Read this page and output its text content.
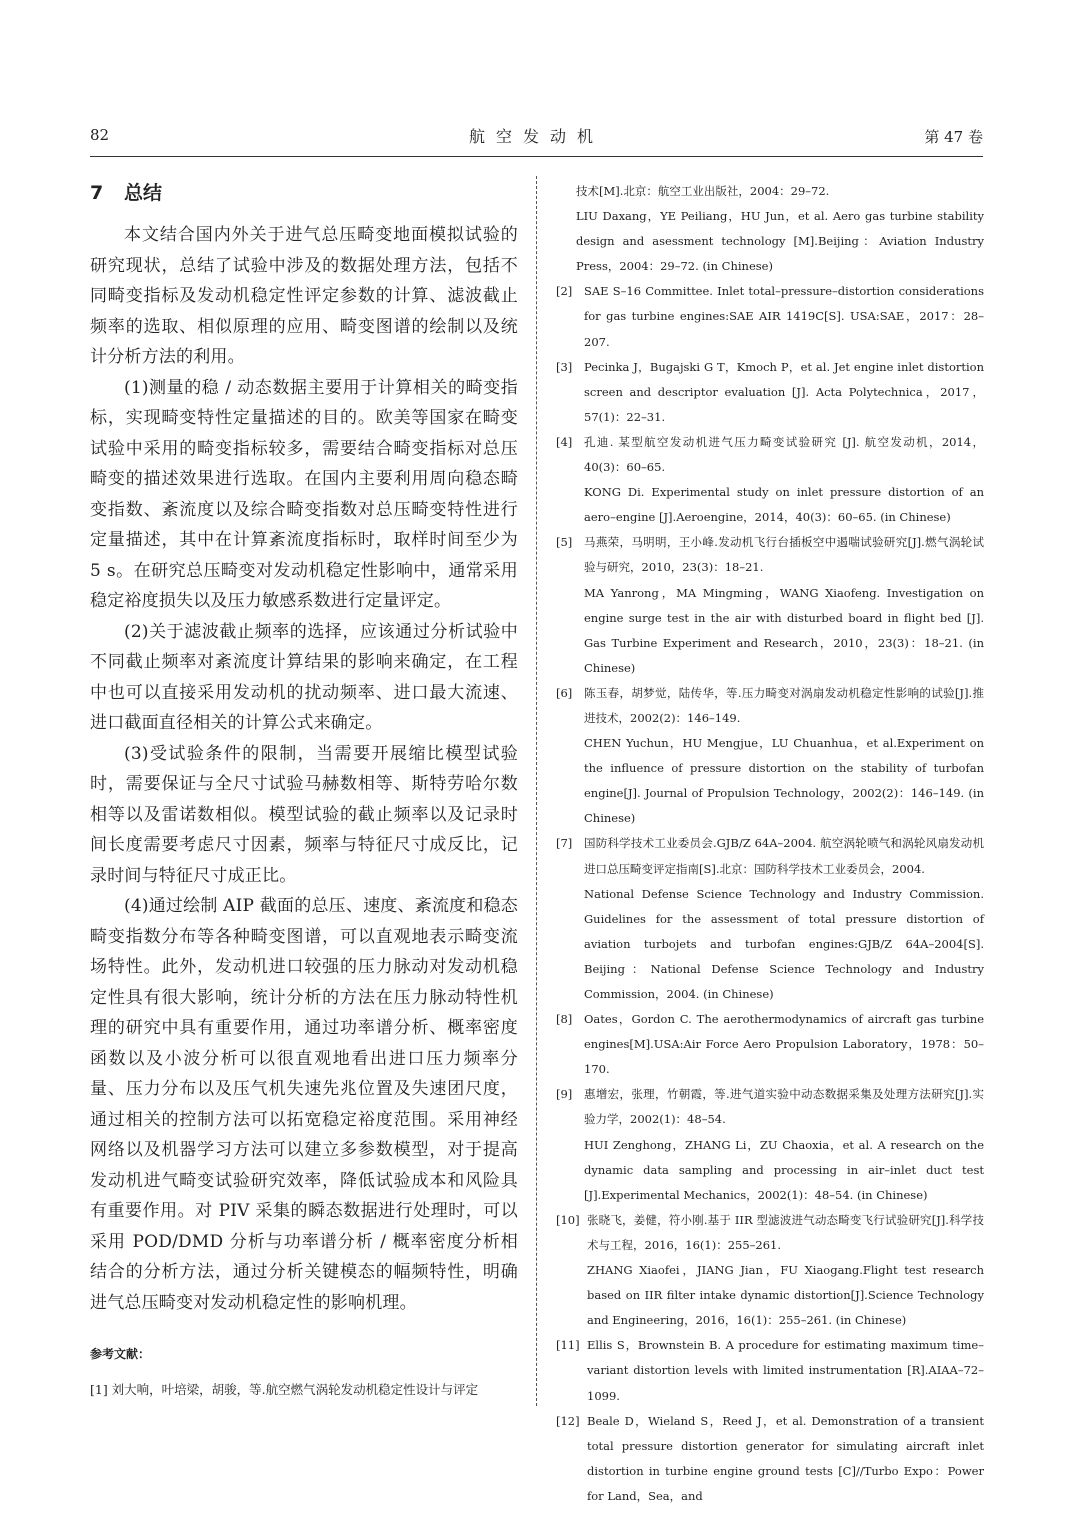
82	航空发动机	第 47 卷
7 总结

本文结合国内外关于进气总压畸变地面模拟试验的研究现状，总结了试验中涉及的数据处理方法，包括不同畸变指标及发动机稳定性评定参数的计算、滤波截止频率的选取、相似原理的应用、畸变图谱的绘制以及统计分析方法的利用。

(1)测量的稳 / 动态数据主要用于计算相关的畸变指标，实现畸变特性定量描述的目的。欧美等国家在畸变试验中采用的畸变指标较多，需要结合畸变指标对总压畸变的描述效果进行选取。在国内主要利用周向稳态畸变指数、紊流度以及综合畸变指数对总压畸变特性进行定量描述，其中在计算紊流度指标时，取样时间至少为 5 s。在研究总压畸变对发动机稳定性影响中，通常采用稳定裕度损失以及压力敏感系数进行定量评定。

(2)关于滤波截止频率的选择，应该通过分析试验中不同截止频率对紊流度计算结果的影响来确定，在工程中也可以直接采用发动机的扰动频率、进口最大流速、进口截面直径相关的计算公式来确定。

(3)受试验条件的限制，当需要开展缩比模型试验时，需要保证与全尺寸试验马赫数相等、斯特劳哈尔数相等以及雷诺数相似。模型试验的截止频率以及记录时间长度需要考虑尺寸因素，频率与特征尺寸成反比，记录时间与特征尺寸成正比。

(4)通过绘制 AIP 截面的总压、速度、紊流度和稳态畸变指数分布等各种畸变图谱，可以直观地表示畸变流场特性。此外，发动机进口较强的压力脉动对发动机稳定性具有很大影响，统计分析的方法在压力脉动特性机理的研究中具有重要作用，通过功率谱分析、概率密度函数以及小波分析可以很直观地看出进口压力频率分量、压力分布以及压气机失速先兆位置及失速团尺度，通过相关的控制方法可以拓宽稳定裕度范围。采用神经网络以及机器学习方法可以建立多参数模型，对于提高发动机进气畸变试验研究效率，降低试验成本和风险具有重要作用。对 PIV 采集的瞬态数据进行处理时，可以采用 POD/DMD 分析与功率谱分析 / 概率密度分析相结合的分析方法，通过分析关键模态的幅频特性，明确进气总压畸变对发动机稳定性的影响机理。

参考文献：
[1] 刘大响，叶培梁，胡骏，等.航空燃气涡轮发动机稳定性设计与评定
技术[M].北京：航空工业出版社，2004：29–72.
LIU Daxang，YE Peiliang，HU Jun，et al. Aero gas turbine stability design and asessment technology [M].Beijing：Aviation Industry Press，2004：29–72. (in Chinese)
[2] SAE S–16 Committee. Inlet total–pressure–distortion considerations for gas turbine engines:SAE AIR 1419C[S]. USA:SAE，2017：28–207.
[3] Pecinka J，Bugajski G T，Kmoch P，et al. Jet engine inlet distortion screen and descriptor evaluation [J]. Acta Polytechnica，2017，57(1)：22–31.
[4] 孔迪. 某型航空发动机进气压力畸变试验研究 [J]. 航空发动机，2014，40(3)：60–65.
KONG Di. Experimental study on inlet pressure distortion of an aero–engine [J].Aeroengine，2014，40(3)：60–65. (in Chinese)
[5] 马燕荣，马明明，王小峰.发动机飞行台插板空中遏喘试验研究[J].燃气涡轮试验与研究，2010，23(3)：18–21.
MA Yanrong，MA Mingming，WANG Xiaofeng. Investigation on engine surge test in the air with disturbed board in flight bed [J]. Gas Turbine Experiment and Research，2010，23(3)：18–21. (in Chinese)
[6] 陈玉春，胡梦觉，陆传华，等.压力畸变对涡扇发动机稳定性影响的试验[J].推进技术，2002(2)：146–149.
CHEN Yuchun，HU Mengjue，LU Chuanhua，et al.Experiment on the influence of pressure distortion on the stability of turbofan engine[J]. Journal of Propulsion Technology，2002(2)：146–149. (in Chinese)
[7] 国防科学技术工业委员会.GJB/Z 64A–2004. 航空涡轮喷气和涡轮风扇发动机进口总压畸变评定指南[S].北京：国防科学技术工业委员会，2004.
National Defense Science Technology and Industry Commission. Guidelines for the assessment of total pressure distortion of aviation turbojets and turbofan engines:GJB/Z 64A–2004[S]. Beijing：National Defense Science Technology and Industry Commission，2004. (in Chinese)
[8] Oates，Gordon C. The aerothermodynamics of aircraft gas turbine engines[M].USA:Air Force Aero Propulsion Laboratory，1978：50–170.
[9] 惠增宏，张理，竹朝霞，等.进气道实验中动态数据采集及处理方法研究[J].实验力学，2002(1)：48–54.
HUI Zenghong，ZHANG Li，ZU Chaoxia，et al. A research on the dynamic data sampling and processing in air–inlet duct test [J].Experimental Mechanics，2002(1)：48–54. (in Chinese)
[10] 张晓飞，姜健，符小刚.基于 IIR 型滤波进气动态畸变飞行试验研究[J].科学技术与工程，2016，16(1)：255–261.
ZHANG Xiaofei，JIANG Jian，FU Xiaogang.Flight test research based on IIR filter intake dynamic distortion[J].Science Technology and Engineering，2016，16(1)：255–261. (in Chinese)
[11] Ellis S，Brownstein B. A procedure for estimating maximum time–variant distortion levels with limited instrumentation [R].AIAA–72–1099.
[12] Beale D，Wieland S，Reed J，et al. Demonstration of a transient total pressure distortion generator for simulating aircraft inlet distortion in turbine engine ground tests [C]//Turbo Expo：Power for Land，Sea，and
